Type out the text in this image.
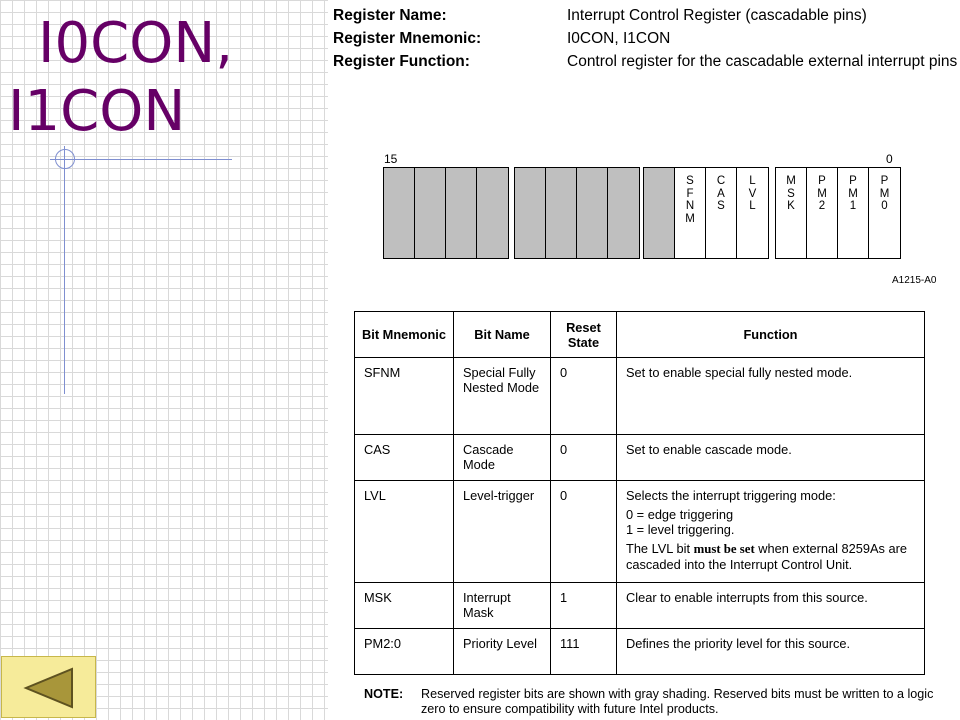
I0CON,
I1CON
Register Name:	Interrupt Control Register (cascadable pins)
Register Mnemonic:	I0CON, I1CON
Register Function:	Control register for the cascadable external interrupt pins
15	0
S
F
N
M
C
A
S
L
V
L
M
S
K
P
M
2
P
M
1
P
M
0
A1215-A0
Bit Mnemonic	Bit Name	Reset State	Function
SFNM	Special Fully Nested Mode	0	Set to enable special fully nested mode.
CAS	Cascade Mode	0	Set to enable cascade mode.
LVL	Level-trigger	0	Selects the interrupt triggering mode:

0 = edge triggering

1 = level triggering.

The LVL bit must be set when external 8259As are cascaded into the Interrupt Control Unit.

MSK	Interrupt Mask	1	Clear to enable interrupts from this source.
PM2:0	Priority Level	111	Defines the priority level for this source.
NOTE:	Reserved register bits are shown with gray shading. Reserved bits must be written to a logic zero to ensure compatibility with future Intel products.
